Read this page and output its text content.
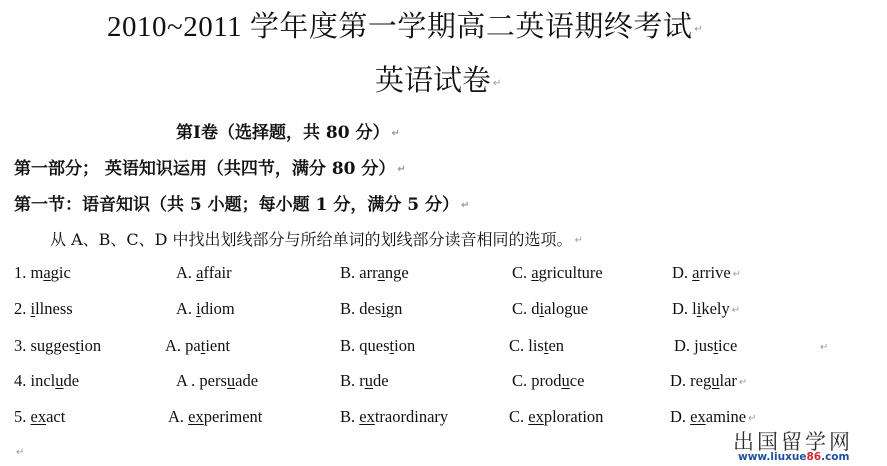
2010~2011 学年度第一学期高二英语期终考试 ↵
英语试卷 ↵
第I卷（选择题，共 80 分） ↵
第一部分； 英语知识运用（共四节，满分 80 分） ↵
第一节：语音知识（共 5 小题；每小题 1 分，满分 5 分） ↵
从 A、B、C、D 中找出划线部分与所给单词的划线部分读音相同的选项。 ↵
1. magic	A. affair	B. arrange	C. agriculture	D. arrive ↵
2. illness	A. idiom	B. design	C. dialogue	D. likely ↵
3. suggestion	A. patient	B. question	C. listen	D. justice	↵
4. include	A . persuade	B. rude	C. produce	D. regular ↵
5. exact	A. experiment	B. extraordinary	C. exploration	D. examine ↵
↵	出国留学网
www.liuxue86.com
